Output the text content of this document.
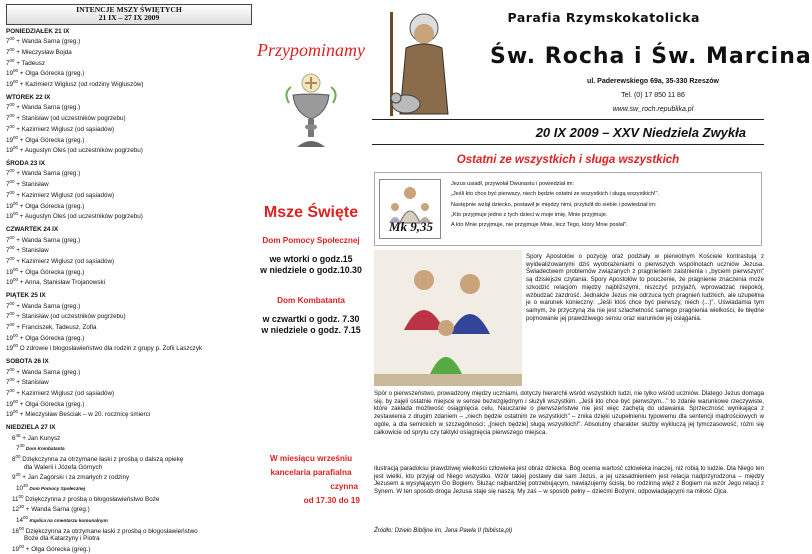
INTENCJE MSZY ŚWIĘTYCH
21 IX – 27 IX 2009
PONIEDZIAŁEK 21 IX
$7^{00}$ + Wanda Sarna (greg.)
$7^{00}$ + Mieczysław Bojda
$7^{00}$ + Tadeusz
$19^{00} + Olga$ Górecka (greg.)
$19^{00}$ + Kazimierz Wiglusz (od rodziny Wigluszów)
WTOREK 22 IX
$7^{00}$ + Wanda Sarna (greg.)
$7^{00}$ + Stanisław (od uczestników pogrzebu)
$7^{00}$ + Kazimierz Wiglusz (od sąsiadów)
$19^{00} + Olga$ Górecka (greg.)
$19^{00}$ + Augustyn Oleś (od uczestników pogrzebu)
ŚRODA 23 IX
$7^{00}$ + Wanda Sarna (greg.)
$7^{00}$ + Stanisław
$7^{00}$ + Kazimierz Wiglusz (od sąsiadów)
$19^{00} + Olga$ Górecka (greg.)
$19^{00}$ + Augustyn Oleś (od uczestników pogrzebu)
CZWARTEK 24 IX
$7^{00}$ + Wanda Sarna (greg.)
$7^{00}$ + Stanisław
$7^{00}$ + Kazimierz Wiglusz (od sąsiadów)
$19^{00} + Olga$ Górecka (greg.)
$19^{00}$ + Anna, Stanisław Trojanowski
PIĄTEK 25 IX
$7^{00}$ + Wanda Sarna (greg.)
$7^{00}$ + Stanisław (od uczestników pogrzebu)
$7^{00}$ + Franciszek, Tadeusz, Zofia
$19^{00} + Olga$ Górecka (greg.)
$19^{00}$ O zdrowie i błogosławieństwo dla rodzin z grupy p. Zofii Laszczyk
SOBOTA 26 IX
$7^{00}$ + Wanda Sarna (greg.)
$7^{00}$ + Stanisław
$7^{00}$ + Kazimierz Wiglusz (od sąsiadów)
$19^{00} + Olga$ Górecka (greg.)
$19^{00}$ + Mieczysław Beściak – w 20. rocznicę śmierci
NIEDZIELA 27 IX
$6^{45}$ + Jan Kunysz
$7^{30}$ Dom Kombatanta
$8^{00}$ Dziękczynna za otrzymane łaski z prośbą o dalszą opiekę
dla Walerii i Józefa Górnych
$9^{30}$ + Jan Zagórski i za zmarłych z rodziny
$10^{30}$ Dom Pomocy Społecznej
$11^{00}$ Dziękczynna z prośbą o błogosławieństwo Boże
$12^{30}$ + Wanda Sarna (greg.)
$14^{00}$ Kaplica na cmentarzu komunalnym
$16^{00}$ Dziękczynna za otrzymane łaski z prośbą o błogosławieństwo
Boże dla Katarzyny i Piotra
$19^{00} + Olga$ Górecka (greg.)
Przypominamy
Msze Święte
Dom Pomocy Społecznej
we wtorki o godz.15
w niedziele o godz.10.30
Dom Kombatanta
w czwartki o godz. 7.30
w niedziele o godz. 7.15
W miesiącu wrześniu
kancelaria parafialna
czynna
od 17.30 do 19
Parafia Rzymskokatolicka
Św. Rocha i Św. Marcina
ul. Paderewskiego 69a, 35-330 Rzeszów
Tel. (0) 17 850 11 86
www.sw_roch.republika.pl
20 IX 2009 – XXV Niedziela Zwykła
Ostatni ze wszystkich i sługa wszystkich
Mk 9,35
Jezus usiadł, przywołał Dwunastu i powiedział im:
„Jeśli kto chce być pierwszy, niech będzie ostatni ze wszystkich i sługą wszystkich!".
Następnie wziął dziecko, postawił je między nimi, przytulił do siebie i powiedział im:
„Kto przyjmuje jedno z tych dzieci w moje imię, Mnie przyjmuje.
A kto Mnie przyjmuje, nie przyjmuje Mnie, lecz Tego, który Mnie posłał".
Spory Apostołów o pozycję oraz podziały w pierwotnym Kościele kontrastują z wyidealizowanymi dziś wyobrażeniami o pierwszych wspólnotach uczniów Jezusa. Świadectwem problemów związanych z pragnieniem zaistnienia i „byciem pierwszym" są dzisiejsze czytania. Spory Apostołów to pouczenie, że pragnienie znaczenia może szkodzić relacjom między najbliższymi, niszczyć przyjaźń, wprowadzać niepokój, wzbudzać zazdrość. Jednakże Jezus nie odrzuca tych pragnień ludzkich, ale uzupełnia je o warunek konieczny: „Jeśli ktoś chce być pierwszy, niech (...)". Uświadamia tym samym, że przyczyną zła nie jest szlachetność samego pragnienia wielkości, ile błędne pojmowanie jej prawdziwego sensu oraz warunków jej osiągania.
Spór o pierwszeństwo, prowadzony między uczniami, dotyczy hierarchii wśród wszystkich ludzi, nie tylko wśród uczniów. Dlatego Jezus domaga się, by zajęli ostatnie miejsce w sensie bezwzględnym i służyli wszystkim. „Jeśli kto chce być pierwszym..." to zdanie warunkowe rzeczywiste, które zakłada możliwość osiągnięcia celu. Nauczanie o pierwszeństwie nie jest więc zachętą do udawania. Sprzeczność wynikająca z zestawienia z drugim zdaniem – „niech będzie ostatnim ze wszystkich" – znika dzięki uzupełnieniu typowemu dla sentencji mądrościowych w ogóle, a dla semickich w szczególności: „[niech będzie] sługą wszystkich!". Absolutny charakter służby wykluczą jej tymczasowość, różni się całkowicie od sprytu czy taktyki osiągnięcia pierwszego miejsca.
Ilustracją paradoksu prawdziwej wielkości człowieka jest obraz dziecka. Bóg ocenia wartość człowieka inaczej, niż robią to ludzie. Dla Niego ten jest wielki, kto przyjął od Niego wszystko. Wzór takiej postawy dał sam Jezus, a jej uzasadnieniem jest relacja nadprzyrodzona – między Jezusem a wysyłającym Go Bogiem. Służąc najbardziej potrzebującym, nawiązujemy ścisłą, bo rodzinną więź z Bogiem na wzór Jego relacji z Synem. W ten sposób droga Jezusa staje się naszą. My zaś – w sposób pełny – dziećmi Bożymi, odpowiadającymi na miłość Ojca.
Źródło: Dzieło Biblijne im. Jana Pawła II (biblista.pl)
